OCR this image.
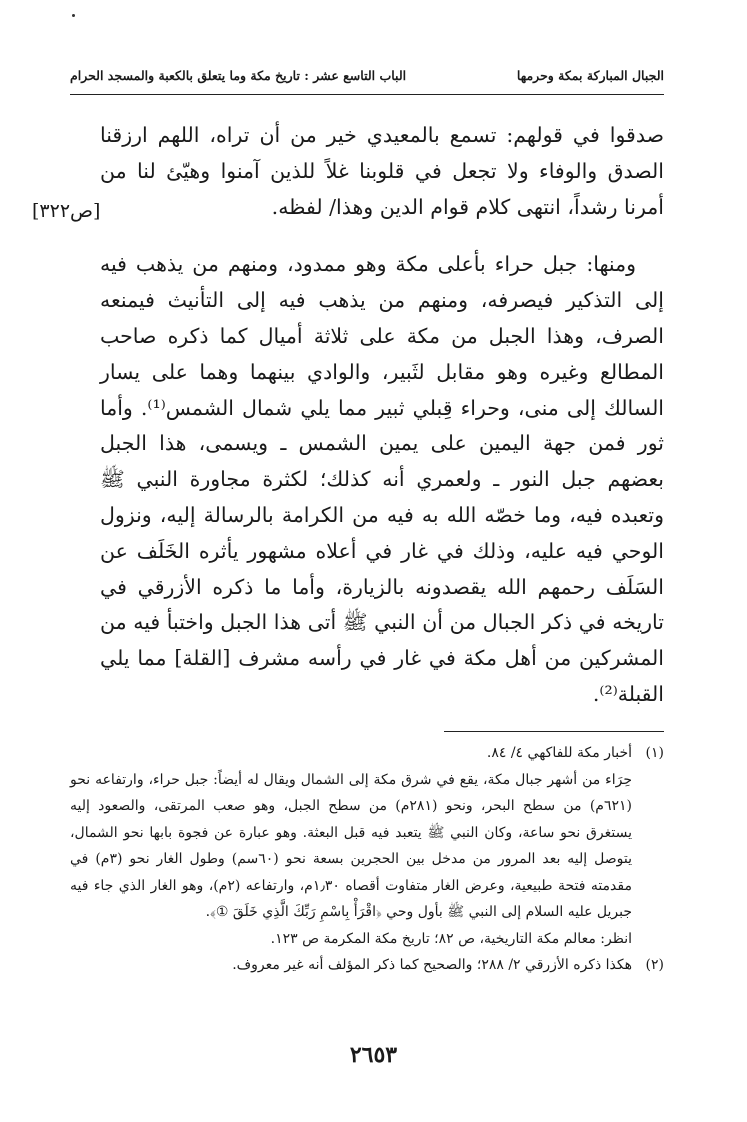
الجبال المباركة بمكة وحرمها
الباب التاسع عشر : تاريخ مكة وما يتعلق بالكعبة والمسجد الحرام
[ص٣٢٢]

صدقوا في قولهم: تسمع بالمعيدي خير من أن تراه، اللهم ارزقنا الصدق والوفاء ولا تجعل في قلوبنا غلاً للذين آمنوا وهيّئ لنا من أمرنا رشداً، انتهى كلام قوام الدين وهذا/ لفظه.

ومنها: جبل حراء بأعلى مكة وهو ممدود، ومنهم من يذهب فيه إلى التذكير فيصرفه، ومنهم من يذهب فيه إلى التأنيث فيمنعه الصرف، وهذا الجبل من مكة على ثلاثة أميال كما ذكره صاحب المطالع وغيره وهو مقابل لثَبير، والوادي بينهما وهما على يسار السالك إلى منى، وحراء قِبلي ثبير مما يلي شمال الشمس⁽¹⁾. وأما ثور فمن جهة اليمين على يمين الشمس ـ ويسمى، هذا الجبل بعضهم جبل النور ـ ولعمري أنه كذلك؛ لكثرة مجاورة النبي ﷺ وتعبده فيه، وما خصّه الله به فيه من الكرامة بالرسالة إليه، ونزول الوحي فيه عليه، وذلك في غار في أعلاه مشهور يأثره الخَلَف عن السَلَف رحمهم الله يقصدونه بالزيارة، وأما ما ذكره الأزرقي في تاريخه في ذكر الجبال من أن النبي ﷺ أتى هذا الجبل واختبأ فيه من المشركين من أهل مكة في غار في رأسه مشرف [القلة] مما يلي القبلة⁽²⁾.

(١)
أخبار مكة للفاكهي ٤/ ٨٤.

حِرَاء من أشهر جبال مكة، يقع في شرق مكة إلى الشمال ويقال له أيضاً: جبل حراء، وارتفاعه نحو (٦٢١م) من سطح البحر، ونحو (٢٨١م) من سطح الجبل، وهو صعب المرتقى، والصعود إليه يستغرق نحو ساعة، وكان النبي ﷺ يتعبد فيه قبل البعثة. وهو عبارة عن فجوة بابها نحو الشمال، يتوصل إليه بعد المرور من مدخل بين الحجرين بسعة نحو (٦٠سم) وطول الغار نحو (٣م) في مقدمته فتحة طبيعية، وعرض الغار متفاوت أقصاه ١٫٣٠م، وارتفاعه (٢م)، وهو الغار الذي جاء فيه جبريل عليه السلام إلى النبي ﷺ بأول وحي ﴿اقْرَأْ بِاسْمِ رَبِّكَ الَّذِي خَلَقَ ①﴾.

انظر: معالم مكة التاريخية، ص ٨٢؛ تاريخ مكة المكرمة ص ١٢٣.

(٢)
هكذا ذكره الأزرقي ٢/ ٢٨٨؛ والصحيح كما ذكر المؤلف أنه غير معروف.
٢٦٥٣
